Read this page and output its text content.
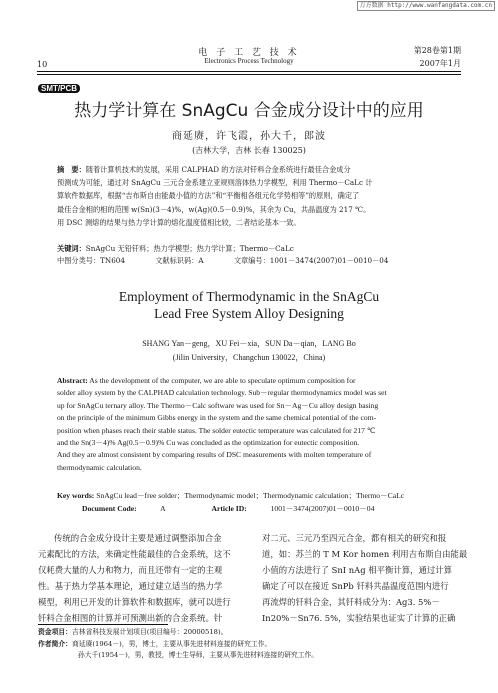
万方数据 http://www.wanfangdata.com.cn
10
电 子 工 艺 技 术
Electronics Process Technology
第28卷第1期
2007年1月
SMT/PCB
热力学计算在 SnAgCu 合金成分设计中的应用
商延赓，许飞霞，孙大千，郎波
(吉林大学，吉林 长春 130025)
摘　要：随着计算机技术的发展，采用 CALPHAD 的方法对钎料合金系统进行最佳合金成分
预测成为可能，通过对 SnAgCu 三元合金系建立亚规则溶体热力学模型，利用 Thermo－CaLc 计
算软件数据库，根据“吉布斯自由能最小值的方法”和“平衡相各组元化学势相等”的原则，确定了
最佳合金相的相的范围 w(Sn)(3－4)%，w(Ag)(0.5－0.9)%，其余为 Cu，共晶温度为 217 ℃。
用 DSC 测熔的结果与热力学计算的熔化温度值相比较，二者结论基本一致。
关键词：SnAgCu 无铅钎料；热力学模型；热力学计算；Thermo－CaLc
中图分类号：TN604	文献标识码：A	文章编号：1001－3474(2007)01－0010－04
Employment of Thermodynamic in the SnAgCu
Lead Free System Alloy Designing
SHANG Yan－geng，XU Fei－xia，SUN Da－qian，LANG Bo
(Jilin University，Changchun 130022，China)
Abstract: As the development of the computer, we are able to speculate optimum composition for
solder alloy system by the CALPHAD calculation technology. Sub－regular thermodynamics model was set
up for SnAgCu ternary alloy. The Thermo－Calc software was used for Sn－Ag－Cu alloy design basing
on the principle of the minimum Gibbs energy in the system and the same chemical potential of the com-
position when phases reach their stable status. The solder eutectic temperature was calculated for 217 ℃
and the Sn(3－4)% Ag(0.5－0.9)% Cu was concluded as the optimization for eutectic composition.
And they are almost consistent by comparing results of DSC measurements with molten temperature of
thermodynamic calculation.
Key words: SnAgCu lead－free solder；Thermodynamic model；Thermodynamic calculation；Thermo－CaLc
Document Code:	A	Article ID:	1001－3474(2007)01－0010－04
传统的合金成分设计主要是通过调整添加合金
元素配比的方法，来确定性能最佳的合金系统，这不
仅耗费大量的人力和物力，而且还带有一定的主观
性。基于热力学基本理论，通过建立适当的热力学
模型，利用已开发的计算软件和数据库，就可以进行
钎料合金相图的计算并可预测出新的合金系统。针
对二元、三元乃至四元合金，都有相关的研究和报
道，如：苏兰的 T M Kor homen 利用吉布斯自由能最
小值的方法进行了 SnI nAg 相平衡计算，通过计算
确定了可以在接近 SnPb 钎料共晶温度范围内进行
再流焊的钎料合金，其钎料成分为：Ag3. 5%－
In20%－Sn76. 5%，实验结果也证实了计算的正确
资金项目：吉林省科技发展计划项目(项目编号：20000518)。
作者简介：商延赓(1964－)，男，博士，主要从事先进材料连接的研究工作。
孙大千(1954－)，男，教授，博士生导师，主要从事先进材料连接的研究工作。
